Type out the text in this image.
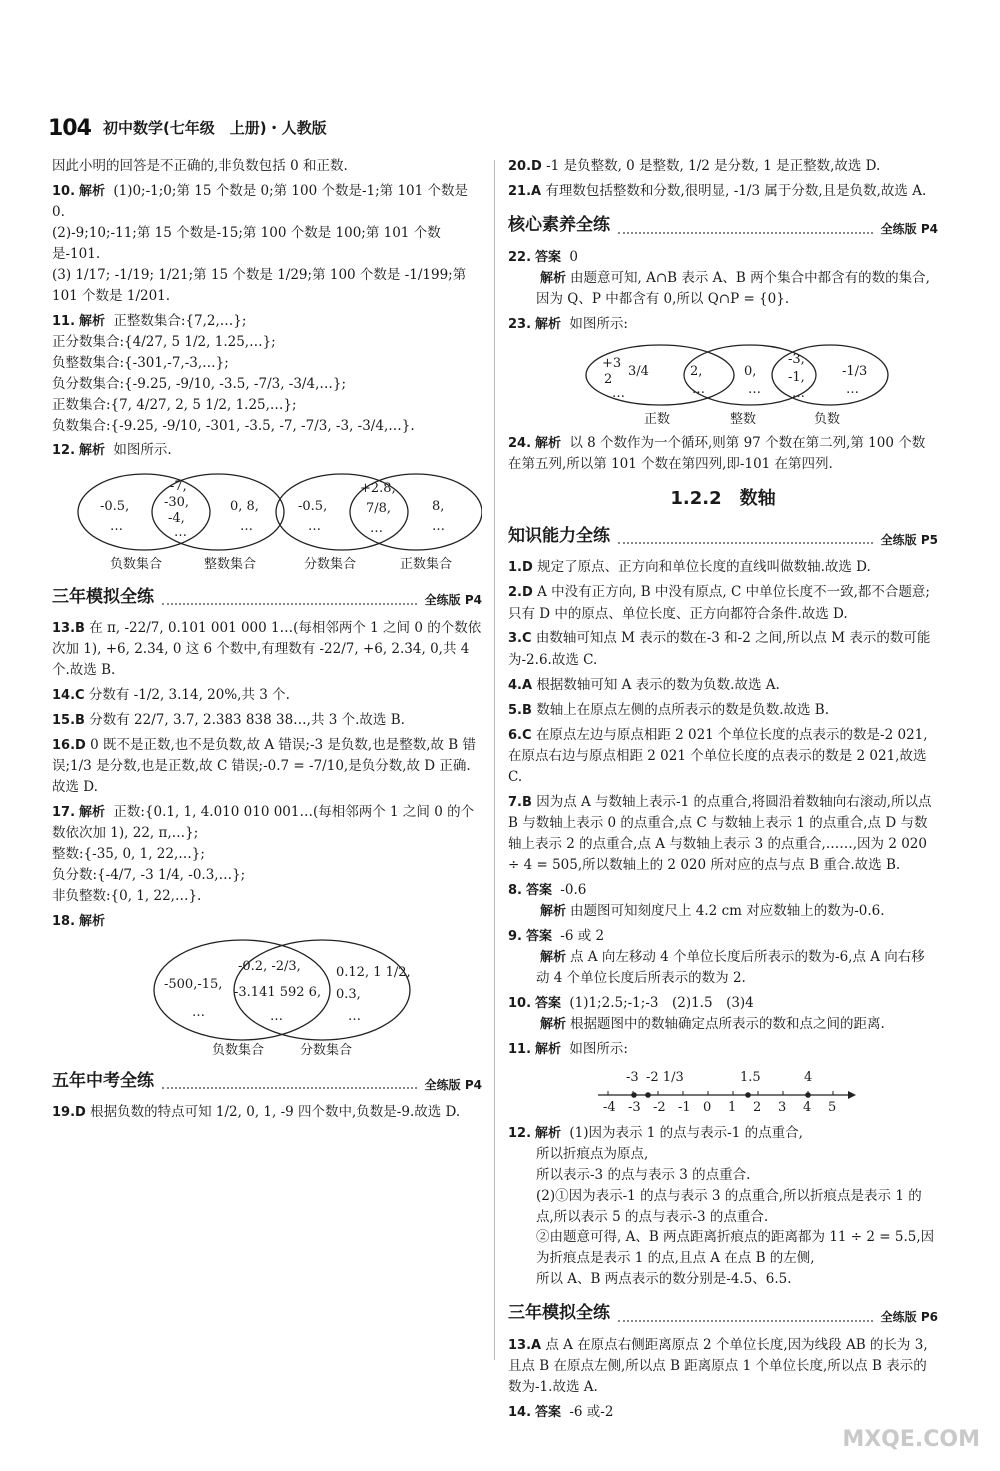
104 初中数学(七年级　上册)・人教版
因此小明的回答是不正确的,非负数包括 0 和正数.
10. 解析 (1)0;-1;0;第 15 个数是 0;第 100 个数是-1;第 101 个数是 0.
(2)-9;10;-11;第 15 个数是-15;第 100 个数是 100;第 101 个数是-101.
(3) 1/17; -1/19; 1/21;第 15 个数是 1/29;第 100 个数是 -1/199;第 101 个数是 1/201.
11. 解析 正整数集合:{7,2,…};
正分数集合:{4/27, 5 1/2, 1.25,…};
负整数集合:{-301,-7,-3,…};
负分数集合:{-9.25, -9/10, -3.5, -7/3, -3/4,…};
正数集合:{7, 4/27, 2, 5 1/2, 1.25,…};
负数集合:{-9.25, -9/10, -301, -3.5, -7, -7/3, -3, -3/4,…}.
12. 解析 如图所示.
-0.5,
…
-7,
-30,
-4,
…
0, 8,
…
负数集合	整数集合
-0.5,
…
+2.8,
7/8,
…
8,
…
分数集合	正数集合
三年模拟全练	全练版 P4
13.B 在 π, -22/7, 0.101 001 000 1…(每相邻两个 1 之间 0 的个数依次加 1), +6, 2.3̇4̇, 0 这 6 个数中,有理数有 -22/7, +6, 2.3̇4̇, 0,共 4 个.故选 B.
14.C 分数有 -1/2, 3.14, 20%,共 3 个.
15.B 分数有 22/7, 3.7, 2.383 838 38…,共 3 个.故选 B.
16.D 0 既不是正数,也不是负数,故 A 错误;-3 是负数,也是整数,故 B 错误;1/3 是分数,也是正数,故 C 错误;-0.7 = -7/10,是负分数,故 D 正确.故选 D.
17. 解析 正数:{0.1, 1, 4.010 010 001…(每相邻两个 1 之间 0 的个数依次加 1), 22, π,…};
整数:{-35, 0, 1, 22,…};
负分数:{-4/7, -3 1/4, -0.3,…};
非负整数:{0, 1, 22,…}.
18. 解析
-500,-15,
…
-0.2, -2/3,
-3.141 592 6,
…
0.12, 1 1/2,
0.3,
…
负数集合	分数集合
五年中考全练	全练版 P4
19.D 根据负数的特点可知 1/2, 0, 1, -9 四个数中,负数是-9.故选 D.
20.D -1 是负整数, 0 是整数, 1/2 是分数, 1 是正整数,故选 D.
21.A 有理数包括整数和分数,很明显, -1/3 属于分数,且是负数,故选 A.
核心素养全练	全练版 P4
22. 答案 0
解析 由题意可知, A∩B 表示 A、B 两个集合中都含有的数的集合,因为 Q、P 中都含有 0,所以 Q∩P = {0}.
23. 解析 如图所示:
+3
2
3/4
…
2,
…
0,
…
-3,
-1,
…
-1/3
…
正数	整数	负数
24. 解析 以 8 个数作为一个循环,则第 97 个数在第二列,第 100 个数在第五列,所以第 101 个数在第四列,即-101 在第四列.
1.2.2　数轴
知识能力全练	全练版 P5
1.D 规定了原点、正方向和单位长度的直线叫做数轴.故选 D.
2.D A 中没有正方向, B 中没有原点, C 中单位长度不一致,都不合题意;只有 D 中的原点、单位长度、正方向都符合条件.故选 D.
3.C 由数轴可知点 M 表示的数在-3 和-2 之间,所以点 M 表示的数可能为-2.6.故选 C.
4.A 根据数轴可知 A 表示的数为负数.故选 A.
5.B 数轴上在原点左侧的点所表示的数是负数.故选 B.
6.C 在原点左边与原点相距 2 021 个单位长度的点表示的数是-2 021,在原点右边与原点相距 2 021 个单位长度的点表示的数是 2 021,故选 C.
7.B 因为点 A 与数轴上表示-1 的点重合,将圆沿着数轴向右滚动,所以点 B 与数轴上表示 0 的点重合,点 C 与数轴上表示 1 的点重合,点 D 与数轴上表示 2 的点重合,点 A 与数轴上表示 3 的点重合,……,因为 2 020 ÷ 4 = 505,所以数轴上的 2 020 所对应的点与点 B 重合.故选 B.
8. 答案 -0.6
解析 由题图可知刻度尺上 4.2 cm 对应数轴上的数为-0.6.
9. 答案 -6 或 2
解析 点 A 向左移动 4 个单位长度后所表示的数为-6,点 A 向右移动 4 个单位长度后所表示的数为 2.
10. 答案 (1)1;2.5;-1;-3　(2)1.5　(3)4
解析 根据题图中的数轴确定点所表示的数和点之间的距离.
11. 解析 如图所示:
-4 -3 -2 -1 0 1 2 3 4 5
-3 -2 1/3	1.5	4
12. 解析 (1)因为表示 1 的点与表示-1 的点重合,
所以折痕点为原点,
所以表示-3 的点与表示 3 的点重合.
(2)①因为表示-1 的点与表示 3 的点重合,所以折痕点是表示 1 的点,所以表示 5 的点与表示-3 的点重合.
②由题意可得, A、B 两点距离折痕点的距离都为 11 ÷ 2 = 5.5,因为折痕点是表示 1 的点,且点 A 在点 B 的左侧,
所以 A、B 两点表示的数分别是-4.5、6.5.
三年模拟全练	全练版 P6
13.A 点 A 在原点右侧距离原点 2 个单位长度,因为线段 AB 的长为 3,且点 B 在原点左侧,所以点 B 距离原点 1 个单位长度,所以点 B 表示的数为-1.故选 A.
14. 答案 -6 或-2
MXQE.COM
